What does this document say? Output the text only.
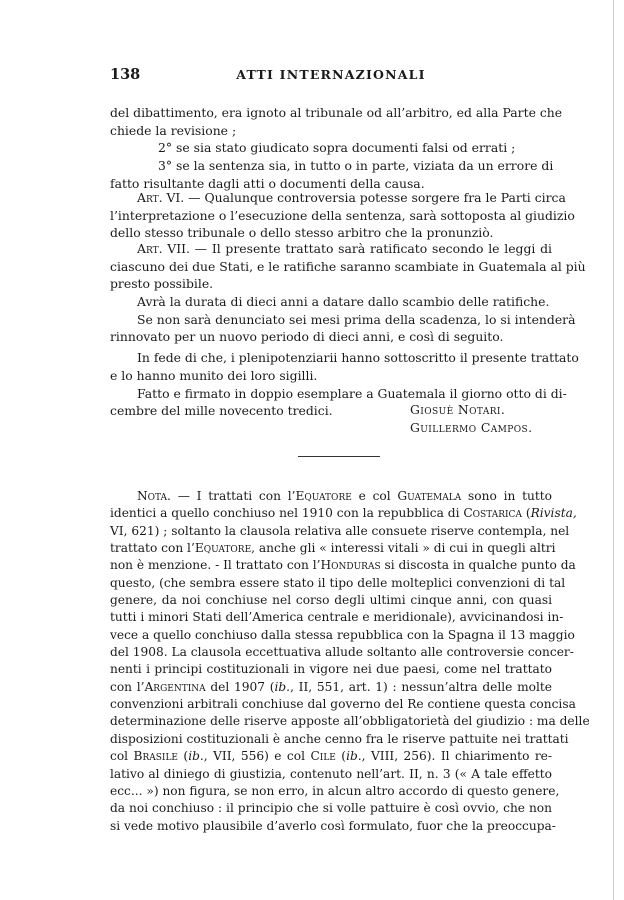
138	ATTI INTERNAZIONALI
del dibattimento, era ignoto al tribunale od all’arbitro, ed alla Parte che
chiede la revisione ;
2° se sia stato giudicato sopra documenti falsi od errati ;
3° se la sentenza sia, in tutto o in parte, viziata da un errore di
fatto risultante dagli atti o documenti della causa.
Art. VI. — Qualunque controversia potesse sorgere fra le Parti circa
l’interpretazione o l’esecuzione della sentenza, sarà sottoposta al giudizio
dello stesso tribunale o dello stesso arbitro che la pronunziò.
Art. VII. — Il presente trattato sarà ratificato secondo le leggi di
ciascuno dei due Stati, e le ratifiche saranno scambiate in Guatemala al più
presto possibile.
Avrà la durata di dieci anni a datare dallo scambio delle ratifiche.
Se non sarà denunciato sei mesi prima della scadenza, lo si intenderà
rinnovato per un nuovo periodo di dieci anni, e così di seguito.
In fede di che, i plenipotenziarii hanno sottoscritto il presente trattato
e lo hanno munito dei loro sigilli.
Fatto e firmato in doppio esemplare a Guatemala il giorno otto di di-
cembre del mille novecento tredici.	Giosuè Notari.
Guillermo Campos.
Nota. — I trattati con l’Equatore e col Guatemala sono in tutto
identici a quello conchiuso nel 1910 con la repubblica di Costarica (Rivista,
VI, 621) ; soltanto la clausola relativa alle consuete riserve contempla, nel
trattato con l’Equatore, anche gli « interessi vitali » di cui in quegli altri
non è menzione. - Il trattato con l’Honduras si discosta in qualche punto da
questo, (che sembra essere stato il tipo delle molteplici convenzioni di tal
genere, da noi conchiuse nel corso degli ultimi cinque anni, con quasi
tutti i minori Stati dell’America centrale e meridionale), avvicinandosi in-
vece a quello conchiuso dalla stessa repubblica con la Spagna il 13 maggio
del 1908. La clausola eccettuativa allude soltanto alle controversie concer-
nenti i principi costituzionali in vigore nei due paesi, come nel trattato
con l’Argentina del 1907 (ib., II, 551, art. 1) : nessun’altra delle molte
convenzioni arbitrali conchiuse dal governo del Re contiene questa concisa
determinazione delle riserve apposte all’obbligatorietà del giudizio : ma delle
disposizioni costituzionali è anche cenno fra le riserve pattuite nei trattati
col Brasile (ib., VII, 556) e col Cile (ib., VIII, 256). Il chiarimento re-
lativo al diniego di giustizia, contenuto nell’art. II, n. 3 (« A tale effetto
ecc... ») non figura, se non erro, in alcun altro accordo di questo genere,
da noi conchiuso : il principio che si volle pattuire è così ovvio, che non
si vede motivo plausibile d’averlo così formulato, fuor che la preoccupa-
